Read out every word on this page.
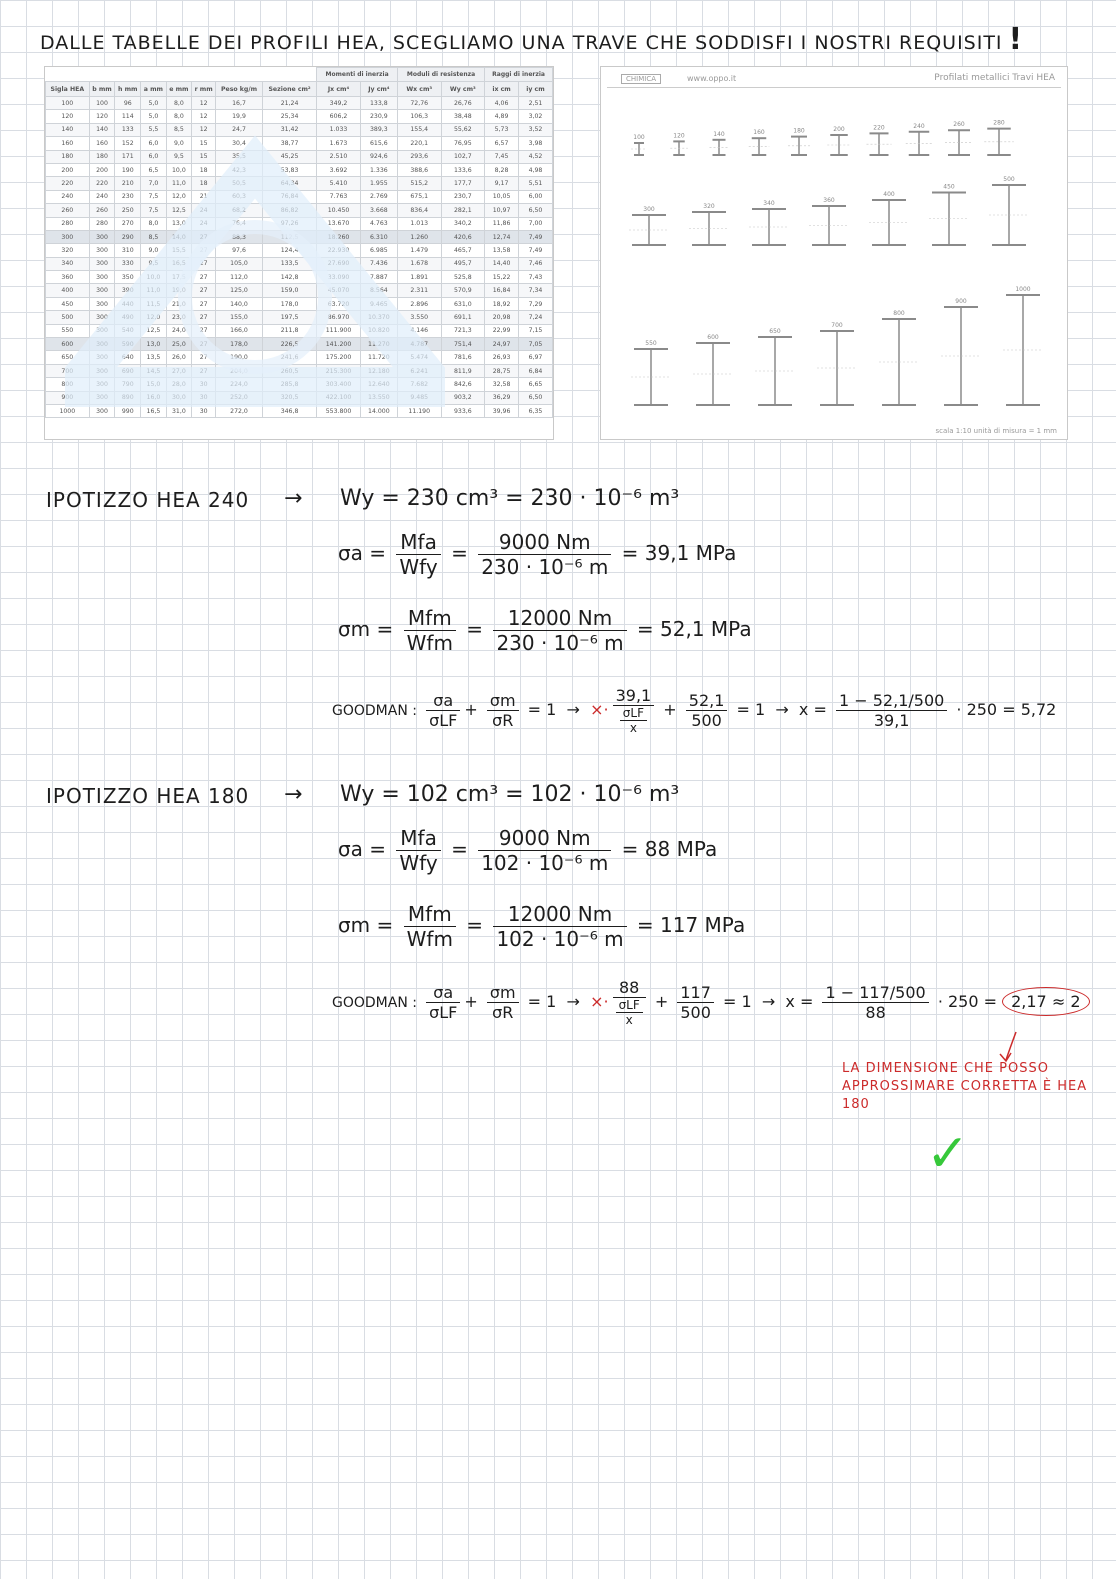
DALLE TABELLE DEI PROFILI HEA, SCEGLIAMO UNA TRAVE CHE SODDISFI I NOSTRI REQUISITI !
								Momenti di inerzia		Moduli di resistenza		Raggi di inerzia	
Sigla HEA	b mm	h mm	a mm	e mm	r mm	Peso kg/m	Sezione cm²	Jx cm⁴	Jy cm⁴	Wx cm³	Wy cm³	ix cm	iy cm
100	100	96	5,0	8,0	12	16,7	21,24	349,2	133,8	72,76	26,76	4,06	2,51
120	120	114	5,0	8,0	12	19,9	25,34	606,2	230,9	106,3	38,48	4,89	3,02
140	140	133	5,5	8,5	12	24,7	31,42	1.033	389,3	155,4	55,62	5,73	3,52
160	160	152	6,0	9,0	15	30,4	38,77	1.673	615,6	220,1	76,95	6,57	3,98
180	180	171	6,0	9,5	15	35,5	45,25	2.510	924,6	293,6	102,7	7,45	4,52
200	200	190	6,5	10,0	18	42,3	53,83	3.692	1.336	388,6	133,6	8,28	4,98
220	220	210	7,0	11,0	18	50,5	64,34	5.410	1.955	515,2	177,7	9,17	5,51
240	240	230	7,5	12,0	21	60,3	76,84	7.763	2.769	675,1	230,7	10,05	6,00
260	260	250	7,5	12,5	24	68,2	86,82	10.450	3.668	836,4	282,1	10,97	6,50
280	280	270	8,0	13,0	24	76,4	97,26	13.670	4.763	1.013	340,2	11,86	7,00
300	300	290	8,5	14,0	27	88,3	112,5	18.260	6.310	1.260	420,6	12,74	7,49
320	300	310	9,0	15,5	27	97,6	124,4	22.930	6.985	1.479	465,7	13,58	7,49
340	300	330	9,5	16,5	27	105,0	133,5	27.690	7.436	1.678	495,7	14,40	7,46
360	300	350	10,0	17,5	27	112,0	142,8	33.090	7.887	1.891	525,8	15,22	7,43
400	300	390	11,0	19,0	27	125,0	159,0	45.070	8.564	2.311	570,9	16,84	7,34
450	300	440	11,5	21,0	27	140,0	178,0	63.720	9.465	2.896	631,0	18,92	7,29
500	300	490	12,0	23,0	27	155,0	197,5	86.970	10.370	3.550	691,1	20,98	7,24
550	300	540	12,5	24,0	27	166,0	211,8	111.900	10.820	4.146	721,3	22,99	7,15
600	300	590	13,0	25,0	27	178,0	226,5	141.200	11.270	4.787	751,4	24,97	7,05
650	300	640	13,5	26,0	27	190,0	241,6	175.200	11.720	5.474	781,6	26,93	6,97
700	300	690	14,5	27,0	27	204,0	260,5	215.300	12.180	6.241	811,9	28,75	6,84
800	300	790	15,0	28,0	30	224,0	285,8	303.400	12.640	7.682	842,6	32,58	6,65
900	300	890	16,0	30,0	30	252,0	320,5	422.100	13.550	9.485	903,2	36,29	6,50
1000	300	990	16,5	31,0	30	272,0	346,8	553.800	14.000	11.190	933,6	39,96	6,35
CHIMICA	www.oppo.it	Profilati metallici Travi HEA
100	120	140	160	180	200	220	240	260	280
300	320	340	360
400
450
500
550
600
650
700
800
900
1000
scala 1:10 unità di misura = 1 mm
IPOTIZZO HEA 240 → Wy = 230 cm³ = 230 · 10⁻⁶ m³
$\sigma a = \frac{\text{Mfa}}{\text{Wfy}} = \frac{9000 Nm}{\text{230 · 10⁻⁶ m}} = 39,1$ MPa
$\sigma m = \frac{\text{Mfm}}{\text{Wfm}} = \frac{12000 Nm}{\text{230 · 10⁻⁶ m}} = 52,1$ MPa
GOODMAN : $\frac{\sigma a}{\text{σLF}} + \frac{\sigma m}{\sigma R} = 1$  →  ×· $\frac{39,1}{\frac{\text{σLF}}{x}} + \frac{52,1}{500} = 1 \to x = \frac{1 - 52,1/500}{39,1} \cdot 250 = 5,72$
IPOTIZZO HEA 180 → Wy = 102 cm³ = 102 · 10⁻⁶ m³
$\sigma a = \frac{\text{Mfa}}{\text{Wfy}} = \frac{9000 Nm}{\text{102 · 10⁻⁶ m}} = 88$ MPa
$\sigma m = \frac{\text{Mfm}}{\text{Wfm}} = \frac{12000 Nm}{\text{102 · 10⁻⁶ m}} = 117$ MPa
GOODMAN : $\frac{\sigma a}{\text{σLF}} + \frac{\sigma m}{\sigma R} = 1$  →  ×· $\frac{88}{\frac{\text{σLF}}{x}} + \frac{117}{500} = 1 \to x = \frac{1 - 117/500}{88} \cdot 250 = 2,17 \approx 2$
LA DIMENSIONE CHE POSSO
APPROSSIMARE CORRETTA È HEA 180
✓
